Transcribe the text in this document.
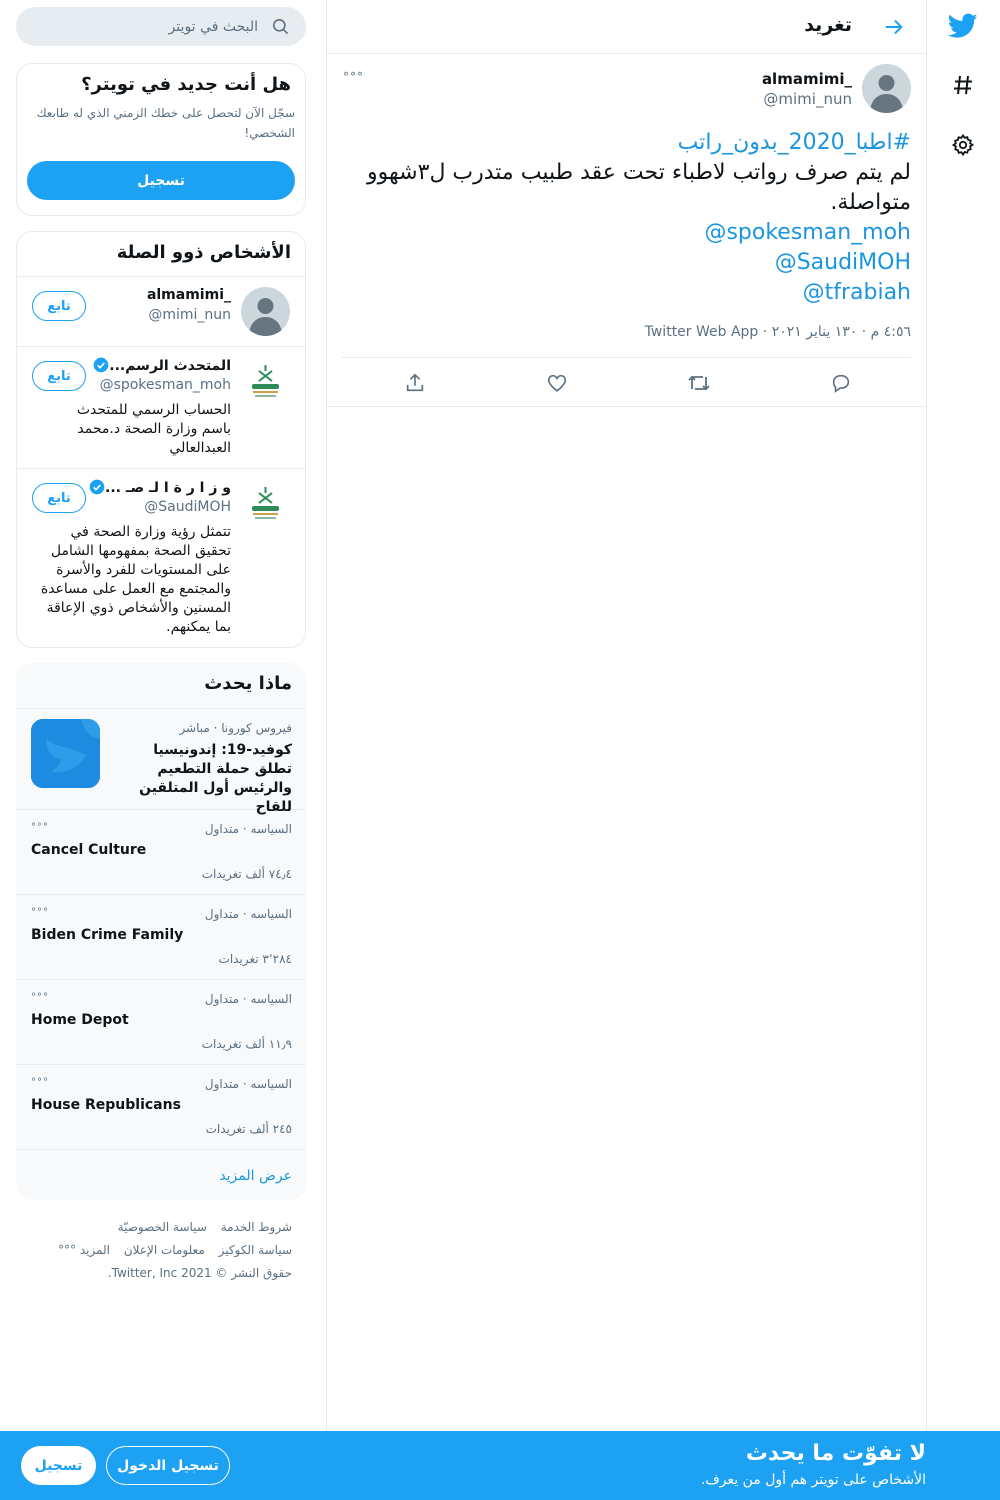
تغريد
almamimi_
@mimi_nun
°°°
#اطبا_2020_بدون_راتب
لم يتم صرف رواتب لاطباء تحت عقد طبيب متدرب ل٣شهوو متواصلة.
@spokesman_moh
@SaudiMOH
@tfrabiah
٤:٥٦ م · ١٣٠ يناير ٢٠٢١ · Twitter Web App
البحث في تويتر
هل أنت جديد في تويتر؟

سجّل الآن لتحصل على خطك الزمني الذي له طابعك الشخصي!

تسجيل
الأشخاص ذوو الصلة
almamimi_
@mimi_nun
تابع
المتحدث الرسم...
@spokesman_moh
الحساب الرسمي للمتحدث باسم وزارة الصحة د.محمد العبدالعالي
تابع
و ز ا ر ة ا لـ صـ ...
@SaudiMOH
تتمثل رؤية وزارة الصحة في تحقيق الصحة بمفهومها الشامل على المستويات للفرد والأسرة والمجتمع مع العمل على مساعدة المسنين والأشخاص ذوي الإعاقة بما يمكنهم.
تابع
ماذا يحدث
فيروس كورونا · مباشر
كوفيد-19: إندونيسيا تطلق حملة التطعيم والرئيس أول المتلقين للقاح
السياسه · متداول
°°°
Cancel Culture
٧٤٫٤ ألف تغريدات
السياسه · متداول
°°°
Biden Crime Family
٣٬٢٨٤ تغريدات
السياسه · متداول
°°°
Home Depot
١١٫٩ ألف تغريدات
السياسه · متداول
°°°
House Republicans
٢٤٥ ألف تغريدات
عرض المزيد
شروط الخدمة سياسة الخصوصيّة
سياسة الكوكيز معلومات الإعلان المزيد °°°
حقوق النشر © 2021 Twitter, Inc.
لا تفوّت ما يحدث
الأشخاص على تويتر هم أول من يعرف.
تسجيل الدخول
تسجيل
